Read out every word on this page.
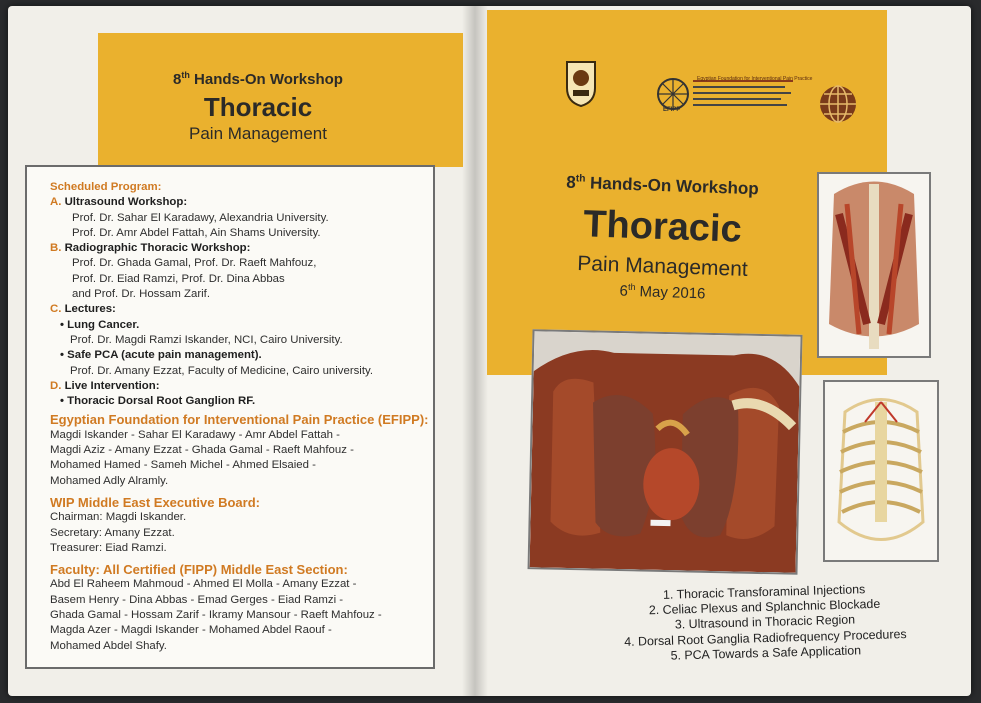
8th Hands-On Workshop
Thoracic
Pain Management
Scheduled Program:
A. Ultrasound Workshop:
Prof. Dr. Sahar El Karadawy, Alexandria University.
Prof. Dr. Amr Abdel Fattah, Ain Shams University.
B. Radiographic Thoracic Workshop:
Prof. Dr. Ghada Gamal, Prof. Dr. Raeft Mahfouz,
Prof. Dr. Eiad Ramzi, Prof. Dr. Dina Abbas
and Prof. Dr. Hossam Zarif.
C. Lectures:
• Lung Cancer.
Prof. Dr. Magdi Ramzi Iskander, NCI, Cairo University.
• Safe PCA (acute pain management).
Prof. Dr. Amany Ezzat, Faculty of Medicine, Cairo university.
D. Live Intervention:
• Thoracic Dorsal Root Ganglion RF.
Egyptian Foundation for Interventional Pain Practice (EFIPP):
Magdi Iskander - Sahar El Karadawy - Amr Abdel Fattah -
Magdi Aziz - Amany Ezzat - Ghada Gamal - Raeft Mahfouz -
Mohamed Hamed - Sameh Michel - Ahmed Elsaied -
Mohamed Adly Alramly.
WIP Middle East Executive Board:
Chairman: Magdi Iskander.
Secretary: Amany Ezzat.
Treasurer: Eiad Ramzi.
Faculty: All Certified (FIPP) Middle East Section:
Abd El Raheem Mahmoud - Ahmed El Molla - Amany Ezzat -
Basem Henry - Dina Abbas - Emad Gerges - Eiad Ramzi -
Ghada Gamal - Hossam Zarif - Ikramy Mansour - Raeft Mahfouz -
Magda Azer - Magdi Iskander - Mohamed Abdel Raouf -
Mohamed Abdel Shafy.
Egyptian Foundation for Interventional Pain Practice
EFIPP
8th Hands-On Workshop
Thoracic
Pain Management
6th May 2016
1. Thoracic Transforaminal Injections
2. Celiac Plexus and Splanchnic Blockade
3. Ultrasound in Thoracic Region
4. Dorsal Root Ganglia Radiofrequency Procedures
5. PCA Towards a Safe Application
